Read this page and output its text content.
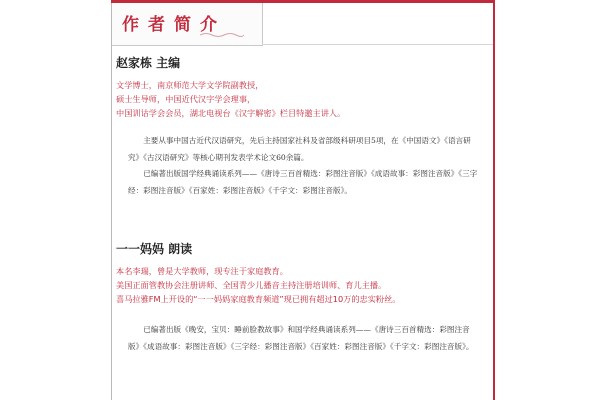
作者简介
赵家栋 主编
文学博士，南京师范大学文学院副教授，
硕士生导师，中国近代汉字学会理事，
中国训诂学会会员，湖北电视台《汉字解密》栏目特邀主讲人。

主要从事中国古近代汉语研究，先后主持国家社科及省部级科研项目5项，在《中国语文》《语言研究》《古汉语研究》等核心期刊发表学术论文60余篇。

已编著出版国学经典诵读系列——《唐诗三百首精选：彩图注音版》《成语故事：彩图注音版》《三字经：彩图注音版》《百家姓：彩图注音版》《千字文：彩图注音版》。

一一妈妈 朗读
本名李瑞，曾是大学教师，现专注于家庭教育。
美国正面管教协会注册讲师、全国青少儿播音主持注册培训师、育儿主播。
喜马拉雅FM上开设的“一一妈妈家庭教育频道”现已拥有超过10万的忠实粉丝。

已编著出版《晚安，宝贝：睡前脸教故事》和国学经典诵读系列——《唐诗三百首精选：彩图注音版》《成语故事：彩图注音版》《三字经：彩图注音版》《百家姓：彩图注音版》《千字文：彩图注音版》。
